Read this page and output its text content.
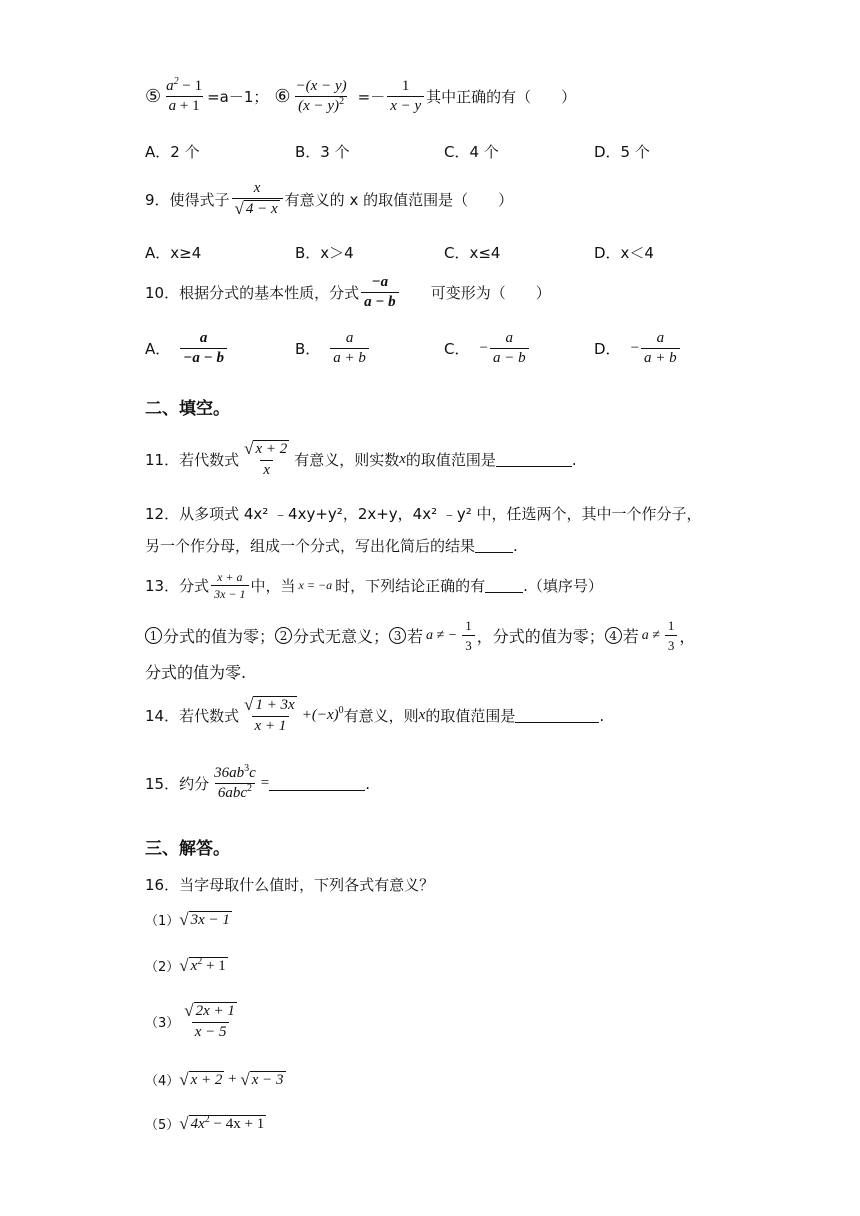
⑤ $\frac{a^2 - 1}{a + 1} =a-1$； ⑥ $\frac{-(x - y)}{(x - y)^2} =- \frac{1}{x - y}$ 其中正确的有（　　）
A．2 个	B．3 个	C．4 个	D．5 个
9．使得式子 $\frac{x}{√ 4 - x}$ 有意义的 x 的取值范围是（　　）
A．x≥4	B．x＞4	C．x≤4	D．x＜4
10．根据分式的基本性质，分式 $\frac{-a}{a - b}$ 可变形为（　　）
A． $\frac{a}{-a - b}$	B． $\frac{a}{a + b}$	C． − $\frac{a}{a - b}$	D． − $\frac{a}{a + b}$
二、填空。
11．若代数式 $\frac{√ x + 2}{x}$ 有意义，则实数 x 的取值范围是	.
12．从多项式 4x² ﹣4xy+y²，2x+y，4x² ﹣y² 中，任选两个，其中一个作分子，
另一个作分母，组成一个分式，写出化简后的结果	.
13．分式 $\frac{x + a}{3x - 1}$ 中，当 x = −a 时，下列结论正确的有	.（填序号）
1 分式的值为零； 2 分式无意义； 3 若 a ≠ − $\frac{1}{3}$ ，分式的值为零； 4 若 $a \ne \frac{1}{3}$ ，
分式的值为零.
14．若代数式 $\frac{√ 1 + 3x}{x + 1} +(-x)^0$ 有意义，则 x 的取值范围是	.
15．约分 $\frac{36ab^3c}{6abc^2}$ =	.
三、解答。
16．当字母取什么值时，下列各式有意义？
（1） √ 3x − 1
（2） √ $x^2 + 1$
$(3) \frac{√ 2x + 1}{x - 5}$
（4） √ x + 2 + √ x − 3
（5） √ $4x^2 - 4x + 1$
